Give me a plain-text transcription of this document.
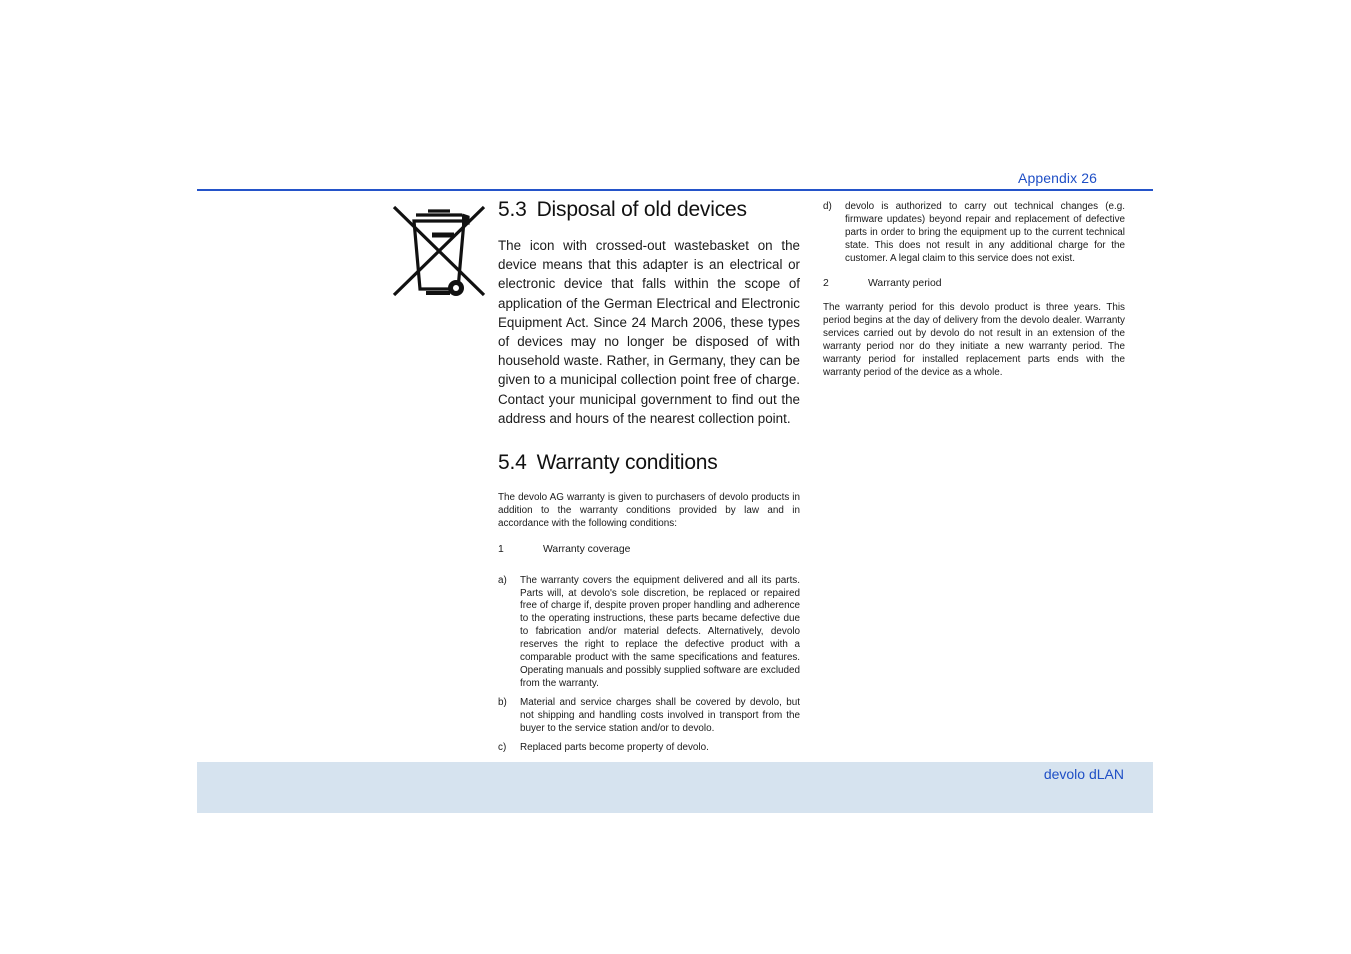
Appendix 26
5.3 Disposal of old devices

The icon with crossed-out wastebasket on the device means that this adapter is an electrical or electronic device that falls within the scope of application of the German Electrical and Electronic Equipment Act. Since 24 March 2006, these types of devices may no longer be disposed of with household waste. Rather, in Germany, they can be given to a municipal collection point free of charge. Contact your municipal government to find out the address and hours of the nearest collection point.

5.4 Warranty conditions

The devolo AG warranty is given to purchasers of devolo products in addition to the warranty conditions provided by law and in accordance with the following conditions:

1	Warranty coverage
a)	The warranty covers the equipment delivered and all its parts. Parts will, at devolo's sole discretion, be replaced or repaired free of charge if, despite proven proper handling and adherence to the operating instructions, these parts became defective due to fabrication and/or material defects. Alternatively, devolo reserves the right to replace the defective product with a comparable product with the same specifications and features. Operating manuals and possibly supplied software are excluded from the warranty.
b)	Material and service charges shall be covered by devolo, but not shipping and handling costs involved in transport from the buyer to the service station and/or to devolo.
c)	Replaced parts become property of devolo.
d)	devolo is authorized to carry out technical changes (e.g. firmware updates) beyond repair and replacement of defective parts in order to bring the equipment up to the current technical state. This does not result in any additional charge for the customer. A legal claim to this service does not exist.
2	Warranty period

The warranty period for this devolo product is three years. This period begins at the day of delivery from the devolo dealer. Warranty services carried out by devolo do not result in an extension of the warranty period nor do they initiate a new warranty period. The warranty period for installed replacement parts ends with the warranty period of the device as a whole.

devolo dLAN
